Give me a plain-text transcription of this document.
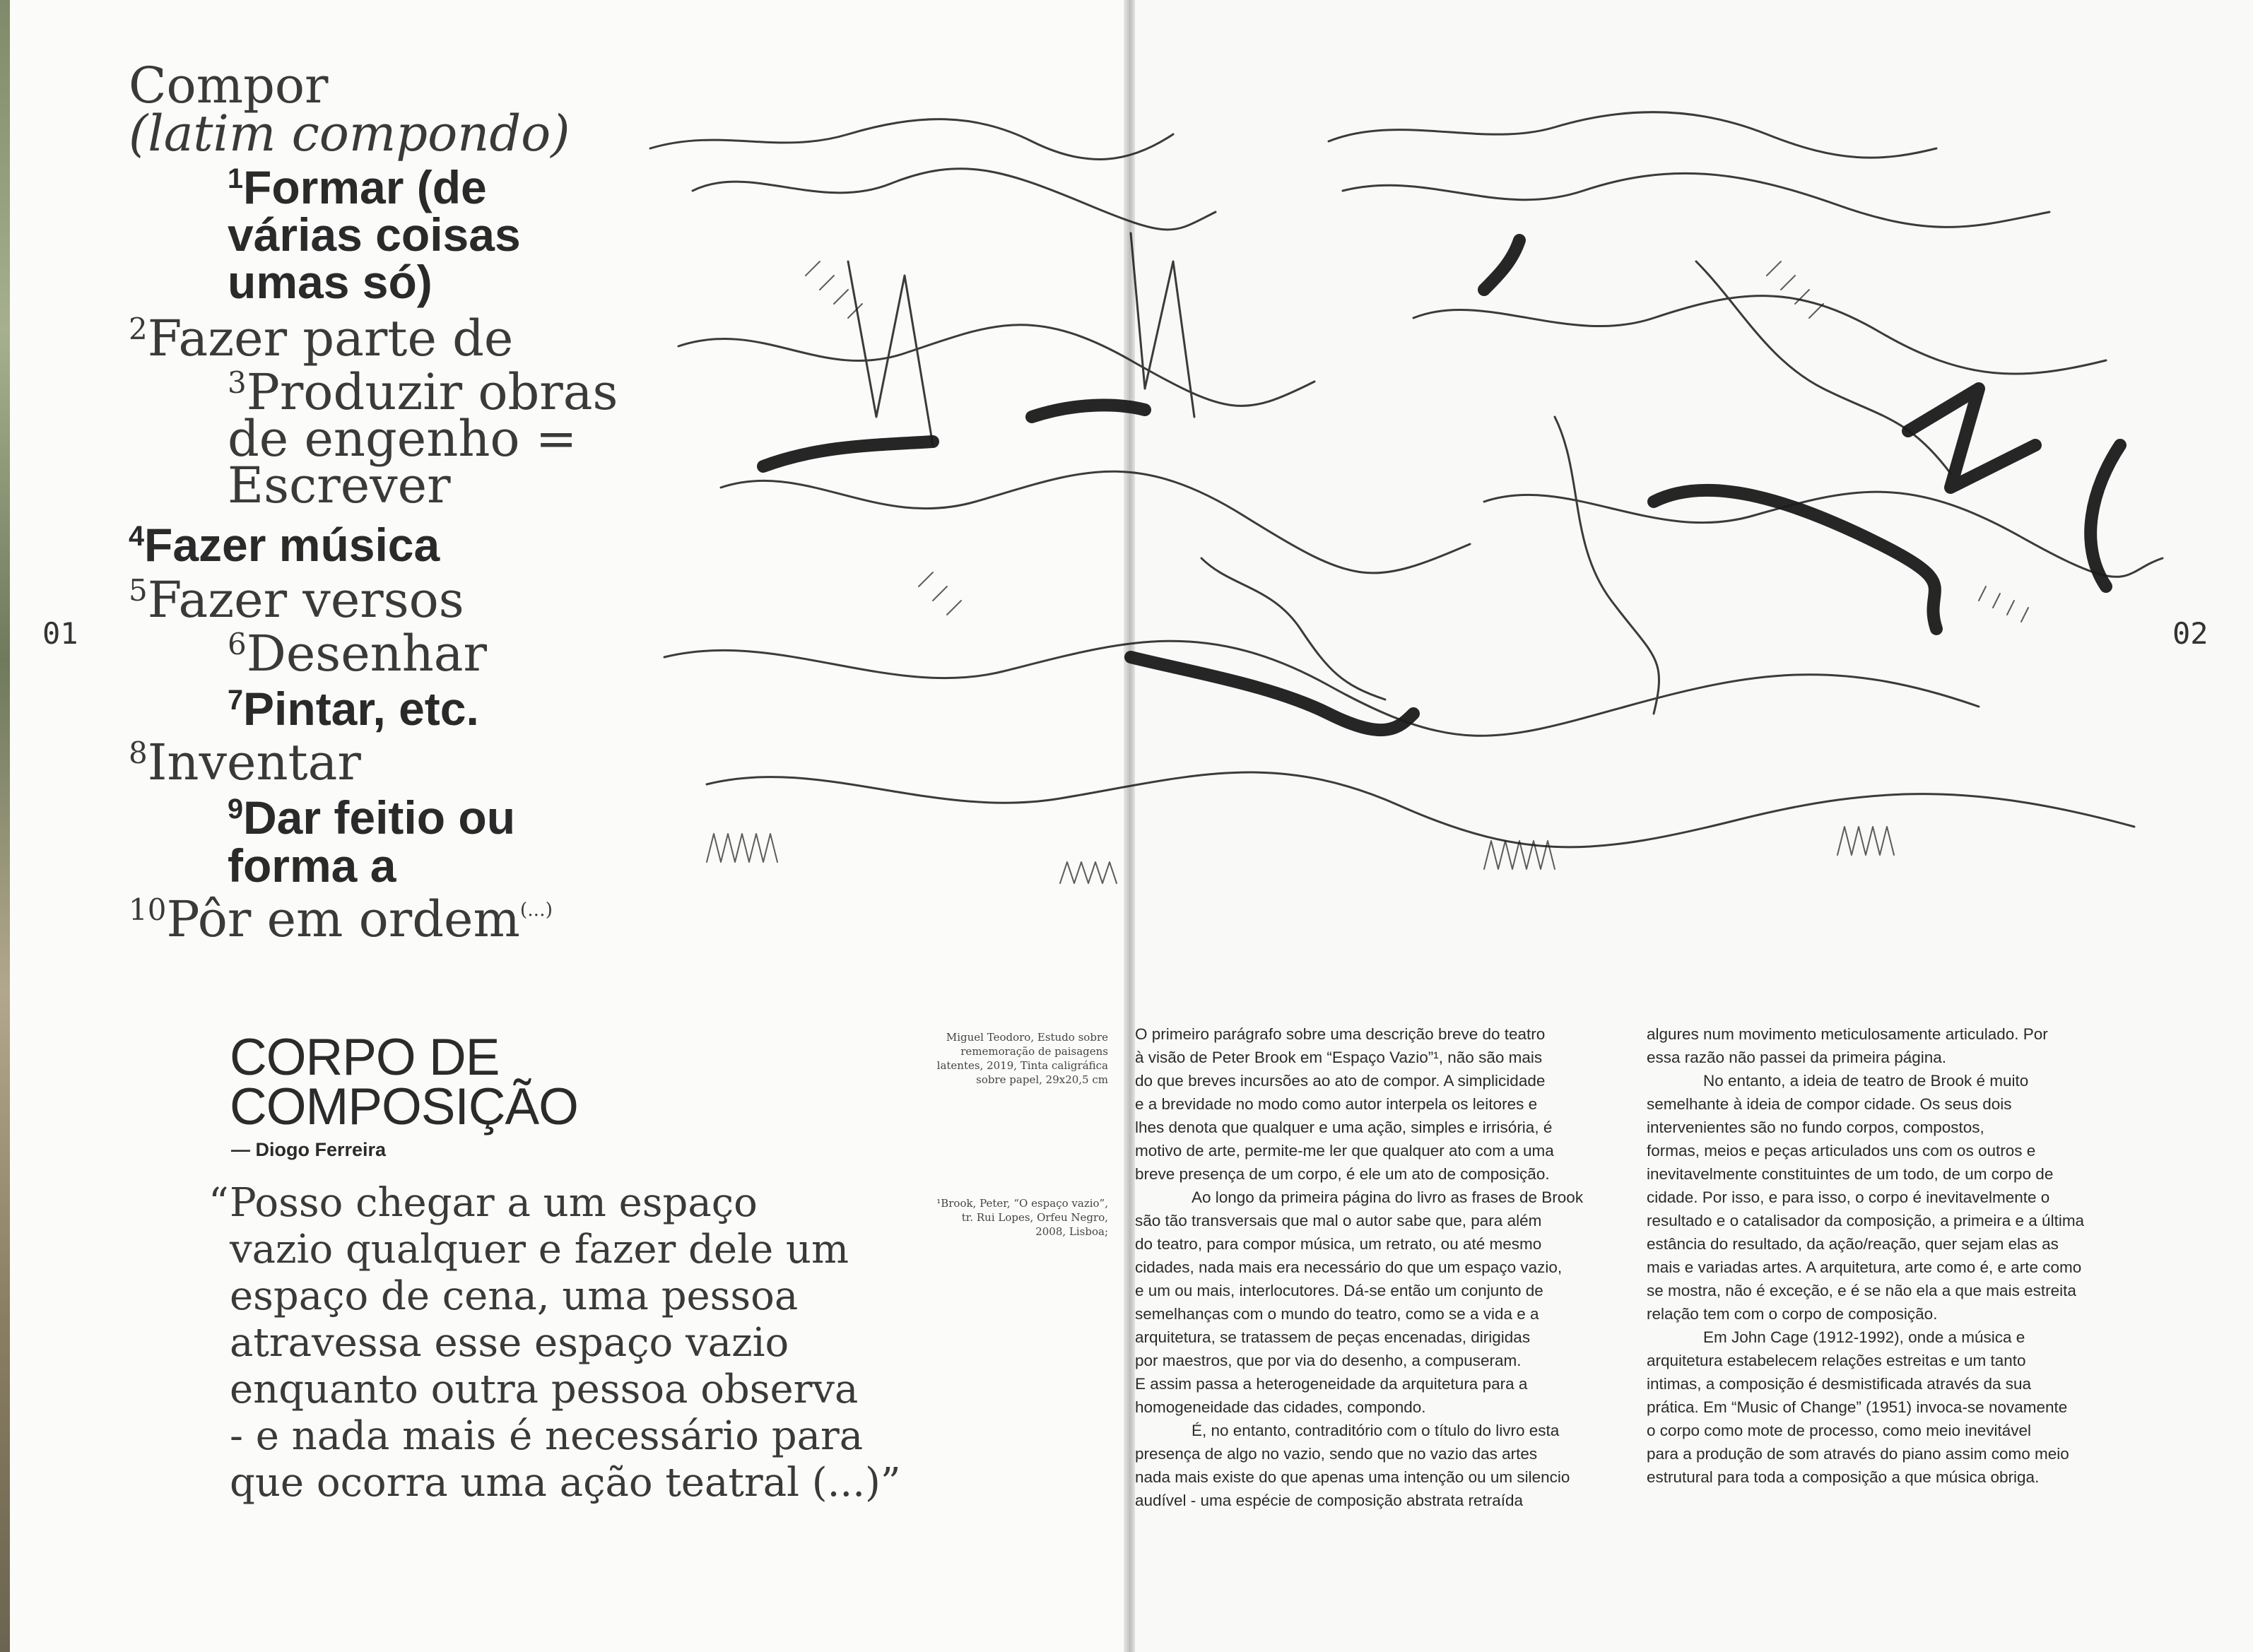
Compor
(latim compondo)
$^1$Formar (de
várias coisas
umas só)
$^2$Fazer parte de
$^3$Produzir obras
de engenho =
Escrever
$^4$Fazer música
$^5$Fazer versos
$^6$Desenhar
$^7$Pintar, etc.
$^8$Inventar
$^9$Dar feitio ou
forma a
$^{10}$Pôr em ordem(...)
01	02
CORPO DE
COMPOSIÇÃO
— Diogo Ferreira
“ Posso chegar a um espaço
vazio qualquer e fazer dele um
espaço de cena, uma pessoa
atravessa esse espaço vazio
enquanto outra pessoa observa
- e nada mais é necessário para
que ocorra uma ação teatral (...)”
Miguel Teodoro, Estudo sobre
rememoração de paisagens
latentes, 2019, Tinta caligráfica
sobre papel, 29x20,5 cm
¹Brook, Peter, “O espaço vazio”,
tr. Rui Lopes, Orfeu Negro,
2008, Lisboa;

O primeiro parágrafo sobre uma descrição breve do teatro
à visão de Peter Brook em “Espaço Vazio”¹, não são mais
do que breves incursões ao ato de compor. A simplicidade
e a brevidade no modo como autor interpela os leitores e
lhes denota que qualquer e uma ação, simples e irrisória, é
motivo de arte, permite-me ler que qualquer ato com a uma
breve presença de um corpo, é ele um ato de composição.

Ao longo da primeira página do livro as frases de Brook
são tão transversais que mal o autor sabe que, para além
do teatro, para compor música, um retrato, ou até mesmo
cidades, nada mais era necessário do que um espaço vazio,
e um ou mais, interlocutores. Dá-se então um conjunto de
semelhanças com o mundo do teatro, como se a vida e a
arquitetura, se tratassem de peças encenadas, dirigidas
por maestros, que por via do desenho, a compuseram.
E assim passa a heterogeneidade da arquitetura para a
homogeneidade das cidades, compondo.

É, no entanto, contraditório com o título do livro esta
presença de algo no vazio, sendo que no vazio das artes
nada mais existe do que apenas uma intenção ou um silencio
audível - uma espécie de composição abstrata retraída

algures num movimento meticulosamente articulado. Por
essa razão não passei da primeira página.

No entanto, a ideia de teatro de Brook é muito
semelhante à ideia de compor cidade. Os seus dois
intervenientes são no fundo corpos, compostos,
formas, meios e peças articulados uns com os outros e
inevitavelmente constituintes de um todo, de um corpo de
cidade. Por isso, e para isso, o corpo é inevitavelmente o
resultado e o catalisador da composição, a primeira e a última
estância do resultado, da ação/reação, quer sejam elas as
mais e variadas artes. A arquitetura, arte como é, e arte como
se mostra, não é exceção, e é se não ela a que mais estreita
relação tem com o corpo de composição.

Em John Cage (1912-1992), onde a música e
arquitetura estabelecem relações estreitas e um tanto
intimas, a composição é desmistificada através da sua
prática. Em “Music of Change” (1951) invoca-se novamente
o corpo como mote de processo, como meio inevitável
para a produção de som através do piano assim como meio
estrutural para toda a composição a que música obriga.
